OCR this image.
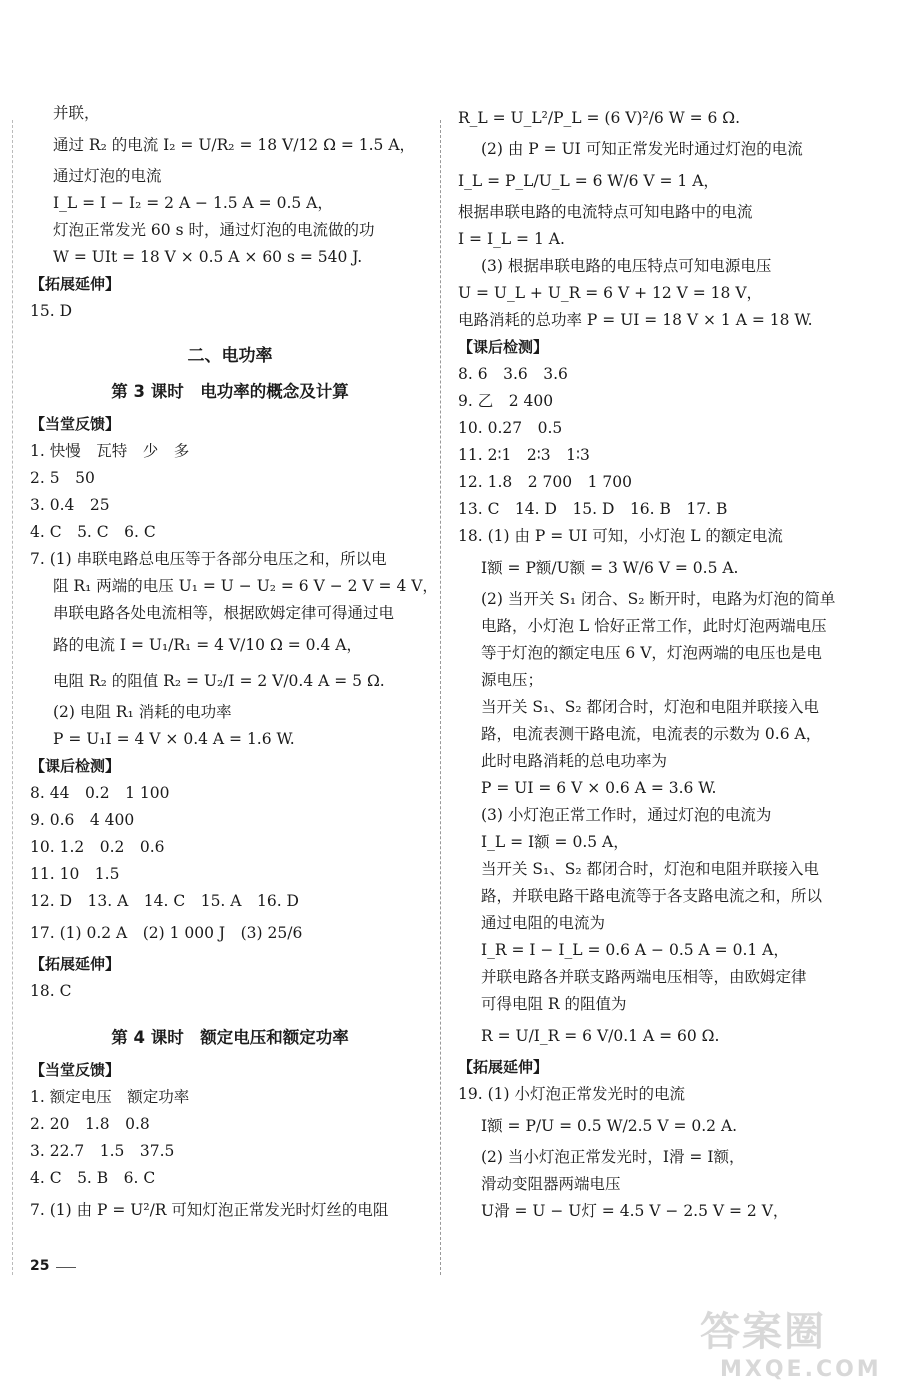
并联，
通过 R₂ 的电流 I₂ = U/R₂ = 18 V/12 Ω = 1.5 A，
通过灯泡的电流
I_L = I − I₂ = 2 A − 1.5 A = 0.5 A，
灯泡正常发光 60 s 时，通过灯泡的电流做的功
W = UIt = 18 V × 0.5 A × 60 s = 540 J.
【拓展延伸】
15. D
二、电功率
第 3 课时　电功率的概念及计算
【当堂反馈】
1. 快慢　瓦特　少　多
2. 5　50
3. 0.4　25
4. C　5. C　6. C
7. (1) 串联电路总电压等于各部分电压之和，所以电
阻 R₁ 两端的电压 U₁ = U − U₂ = 6 V − 2 V = 4 V，
串联电路各处电流相等，根据欧姆定律可得通过电
路的电流 I = U₁/R₁ = 4 V/10 Ω = 0.4 A，
电阻 R₂ 的阻值 R₂ = U₂/I = 2 V/0.4 A = 5 Ω.
(2) 电阻 R₁ 消耗的电功率
P = U₁I = 4 V × 0.4 A = 1.6 W.
【课后检测】
8. 44　0.2　1 100
9. 0.6　4 400
10. 1.2　0.2　0.6
11. 10　1.5
12. D　13. A　14. C　15. A　16. D
17. (1) 0.2 A　(2) 1 000 J　(3) 25/6
【拓展延伸】
18. C
第 4 课时　额定电压和额定功率
【当堂反馈】
1. 额定电压　额定功率
2. 20　1.8　0.8
3. 22.7　1.5　37.5
4. C　5. B　6. C
7. (1) 由 P = U²/R 可知灯泡正常发光时灯丝的电阻
R_L = U_L²/P_L = (6 V)²/6 W = 6 Ω.
(2) 由 P = UI 可知正常发光时通过灯泡的电流
I_L = P_L/U_L = 6 W/6 V = 1 A，
根据串联电路的电流特点可知电路中的电流
I = I_L = 1 A.
(3) 根据串联电路的电压特点可知电源电压
U = U_L + U_R = 6 V + 12 V = 18 V，
电路消耗的总功率 P = UI = 18 V × 1 A = 18 W.
【课后检测】
8. 6　3.6　3.6
9. 乙　2 400
10. 0.27　0.5
11. 2∶1　2∶3　1∶3
12. 1.8　2 700　1 700
13. C　14. D　15. D　16. B　17. B
18. (1) 由 P = UI 可知，小灯泡 L 的额定电流
I额 = P额/U额 = 3 W/6 V = 0.5 A.
(2) 当开关 S₁ 闭合、S₂ 断开时，电路为灯泡的简单
电路，小灯泡 L 恰好正常工作，此时灯泡两端电压
等于灯泡的额定电压 6 V，灯泡两端的电压也是电
源电压；
当开关 S₁、S₂ 都闭合时，灯泡和电阻并联接入电
路，电流表测干路电流，电流表的示数为 0.6 A，
此时电路消耗的总电功率为
P = UI = 6 V × 0.6 A = 3.6 W.
(3) 小灯泡正常工作时，通过灯泡的电流为
I_L = I额 = 0.5 A，
当开关 S₁、S₂ 都闭合时，灯泡和电阻并联接入电
路，并联电路干路电流等于各支路电流之和，所以
通过电阻的电流为
I_R = I − I_L = 0.6 A − 0.5 A = 0.1 A，
并联电路各并联支路两端电压相等，由欧姆定律
可得电阻 R 的阻值为
R = U/I_R = 6 V/0.1 A = 60 Ω.
【拓展延伸】
19. (1) 小灯泡正常发光时的电流
I额 = P/U = 0.5 W/2.5 V = 0.2 A.
(2) 当小灯泡正常发光时，I滑 = I额，
滑动变阻器两端电压
U滑 = U − U灯 = 4.5 V − 2.5 V = 2 V，
25
答案圈
MXQE.COM
